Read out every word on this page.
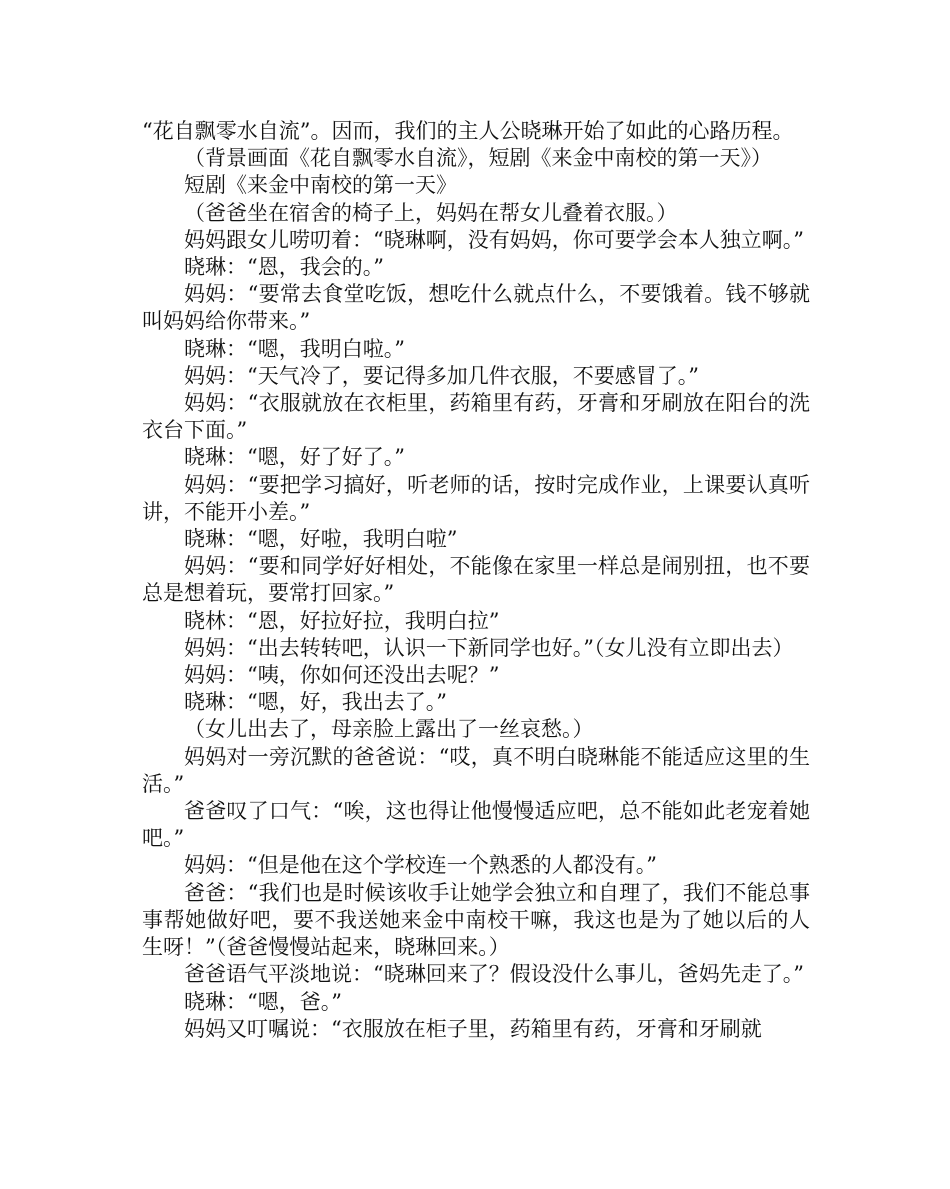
“花自飘零水自流”。因而，我们的主人公晓琳开始了如此的心路历程。

（背景画面《花自飘零水自流》，短剧《来金中南校的第一天》）

短剧《来金中南校的第一天》

（爸爸坐在宿舍的椅子上，妈妈在帮女儿叠着衣服。）

妈妈跟女儿唠叨着：“晓琳啊，没有妈妈，你可要学会本人独立啊。”

晓琳：“恩，我会的。”

妈妈：“要常去食堂吃饭，想吃什么就点什么，不要饿着。钱不够就叫妈妈给你带来。”

晓琳：“嗯，我明白啦。”

妈妈：“天气冷了，要记得多加几件衣服，不要感冒了。”

妈妈：“衣服就放在衣柜里，药箱里有药，牙膏和牙刷放在阳台的洗衣台下面。”

晓琳：“嗯，好了好了。”

妈妈：“要把学习搞好，听老师的话，按时完成作业，上课要认真听讲，不能开小差。”

晓琳：“嗯，好啦，我明白啦”

妈妈：“要和同学好好相处，不能像在家里一样总是闹别扭，也不要总是想着玩，要常打回家。”

晓林：“恩，好拉好拉，我明白拉”

妈妈：“出去转转吧，认识一下新同学也好。”（女儿没有立即出去）

妈妈：“咦，你如何还没出去呢？”

晓琳：“嗯，好，我出去了。”

（女儿出去了，母亲脸上露出了一丝哀愁。）

妈妈对一旁沉默的爸爸说：“哎，真不明白晓琳能不能适应这里的生活。”

爸爸叹了口气：“唉，这也得让他慢慢适应吧，总不能如此老宠着她吧。”

妈妈：“但是他在这个学校连一个熟悉的人都没有。”

爸爸：“我们也是时候该收手让她学会独立和自理了，我们不能总事事帮她做好吧，要不我送她来金中南校干嘛，我这也是为了她以后的人生呀！”（爸爸慢慢站起来，晓琳回来。）

爸爸语气平淡地说：“晓琳回来了？假设没什么事儿，爸妈先走了。”

晓琳：“嗯，爸。”

妈妈又叮嘱说：“衣服放在柜子里，药箱里有药，牙膏和牙刷就
